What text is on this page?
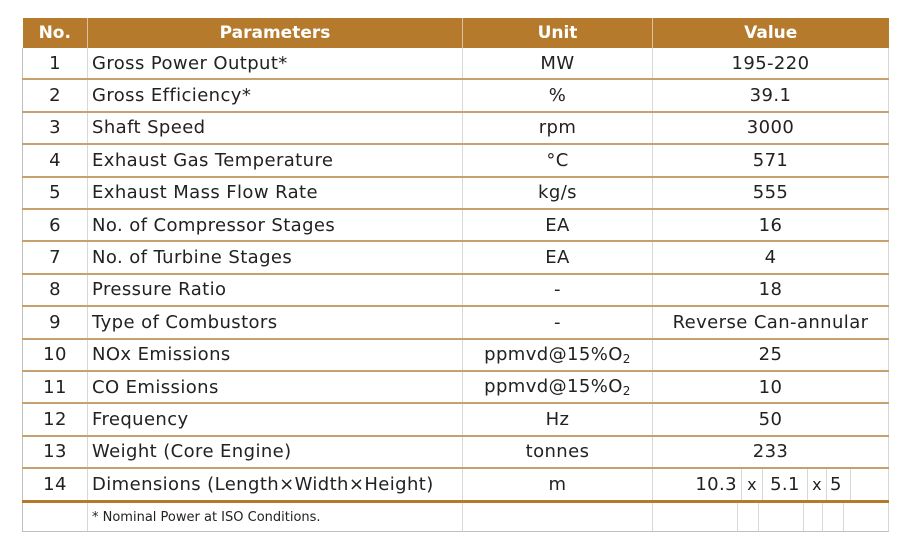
No.	Parameters	Unit	Value
1	Gross Power Output*	MW	195-220
2	Gross Efficiency*	%	39.1
3	Shaft Speed	rpm	3000
4	Exhaust Gas Temperature	°C	571
5	Exhaust Mass Flow Rate	kg/s	555
6	No. of Compressor Stages	EA	16
7	No. of Turbine Stages	EA	4
8	Pressure Ratio	-	18
9	Type of Combustors	-	Reverse Can-annular
10	NOx Emissions	$ppmvd@15\%O_2$	25
11	CO Emissions	$ppmvd@15\%O_2$	10
12	Frequency	Hz	50
13	Weight (Core Engine)	tonnes	233
14	Dimensions (Length×Width×Height)	m	10.3 x 5.1 x 5

	* Nominal Power at ISO Conditions.		
